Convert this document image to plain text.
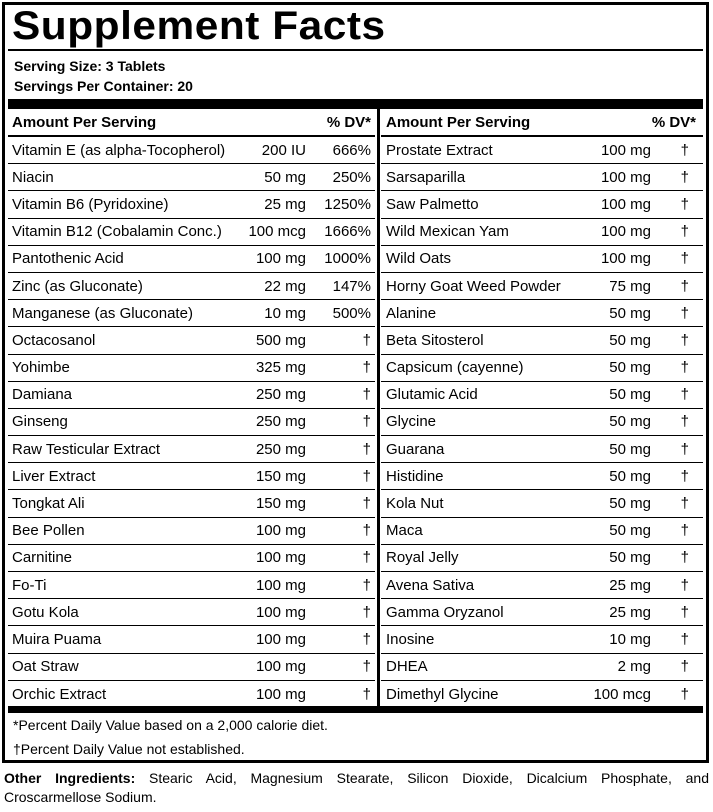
Supplement Facts
Serving Size: 3 Tablets
Servings Per Container: 20
Amount Per Serving	% DV*
Vitamin E (as alpha-Tocopherol)	200 IU	666%
Niacin	50 mg	250%
Vitamin B6 (Pyridoxine)	25 mg	1250%
Vitamin B12 (Cobalamin Conc.)	100 mcg	1666%
Pantothenic Acid	100 mg	1000%
Zinc (as Gluconate)	22 mg	147%
Manganese (as Gluconate)	10 mg	500%
Octacosanol	500 mg	†
Yohimbe	325 mg	†
Damiana	250 mg	†
Ginseng	250 mg	†
Raw Testicular Extract	250 mg	†
Liver Extract	150 mg	†
Tongkat Ali	150 mg	†
Bee Pollen	100 mg	†
Carnitine	100 mg	†
Fo-Ti	100 mg	†
Gotu Kola	100 mg	†
Muira Puama	100 mg	†
Oat Straw	100 mg	†
Orchic Extract	100 mg	†
Amount Per Serving	% DV*
Prostate Extract	100 mg	†
Sarsaparilla	100 mg	†
Saw Palmetto	100 mg	†
Wild Mexican Yam	100 mg	†
Wild Oats	100 mg	†
Horny Goat Weed Powder	75 mg	†
Alanine	50 mg	†
Beta Sitosterol	50 mg	†
Capsicum (cayenne)	50 mg	†
Glutamic Acid	50 mg	†
Glycine	50 mg	†
Guarana	50 mg	†
Histidine	50 mg	†
Kola Nut	50 mg	†
Maca	50 mg	†
Royal Jelly	50 mg	†
Avena Sativa	25 mg	†
Gamma Oryzanol	25 mg	†
Inosine	10 mg	†
DHEA	2 mg	†
Dimethyl Glycine	100 mcg	†
*Percent Daily Value based on a 2,000 calorie diet.
†Percent Daily Value not established.
Other Ingredients: Stearic Acid, Magnesium Stearate, Silicon Dioxide, Dicalcium Phosphate, and Croscarmellose Sodium.
